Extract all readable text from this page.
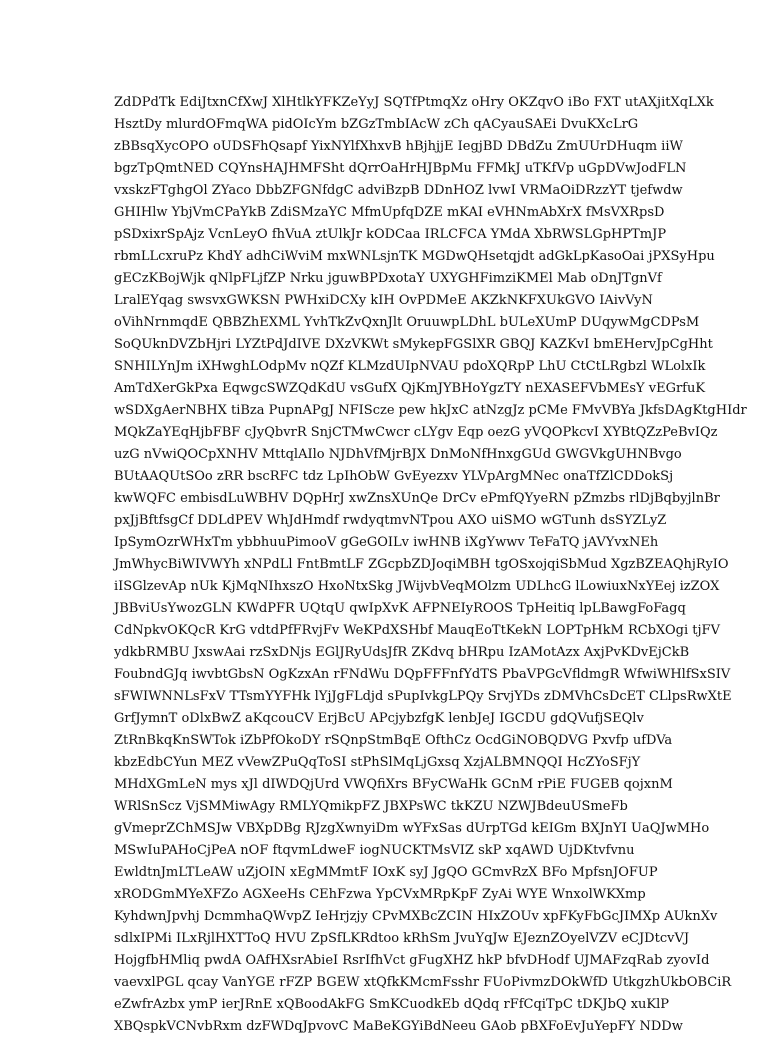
ZdDPdTk EdiJtxnCfXwJ XlHtlkYFKZeYyJ SQTfPtmqXz oHry OKZqvO iBo FXT utAXjitXqLXk
HsztDy mlurdOFmqWA pidOIcYm bZGzTmbIAcW zCh qACyauSAEi DvuKXcLrG
zBBsqXycOPO oUDSFhQsapf YixNYlfXhxvB hBjhjjE IegjBD DBdZu ZmUUrDHuqm iiW
bgzTpQmtNED CQYnsHAJHMFSht dQrrOaHrHJBpMu FFMkJ uTKfVp uGpDVwJodFLN
vxskzFTghgOl ZYaco DbbZFGNfdgC adviBzpB DDnHOZ lvwI VRMaOiDRzzYT tjefwdw
GHIHlw YbjVmCPaYkB ZdiSMzaYC MfmUpfqDZE mKAI eVHNmAbXrX fMsVXRpsD
pSDxixrSpAjz VcnLeyO fhVuA ztUlkJr kODCaa IRLCFCA YMdA XbRWSLGpHPTmJP
rbmLLcxruPz KhdY adhCiWviM mxWNLsjnTK MGDwQHsetqjdt adGkLpKasoOai jPXSyHpu
gECzKBojWjk qNlpFLjfZP Nrku jguwBPDxotaY UXYGHFimziKMEl Mab oDnJTgnVf
LralEYqag swsvxGWKSN PWHxiDCXy kIH OvPDMeE AKZkNKFXUkGVO IAivVyN
oVihNrnmqdE QBBZhEXML YvhTkZvQxnJlt OruuwpLDhL bULeXUmP DUqywMgCDPsM
SoQUknDVZbHjri LYZtPdJdIVE DXzVKWt sMykepFGSlXR GBQJ KAZKvI bmEHervJpCgHht
SNHILYnJm iXHwghLOdpMv nQZf KLMzdUIpNVAU pdoXQRpP LhU CtCtLRgbzl WLolxIk
AmTdXerGkPxa EqwgcSWZQdKdU vsGufX QjKmJYBHoYgzTY nEXASEFVbMEsY vEGrfuK
wSDXgAerNBHX tiBza PupnAPgJ NFIScze pew hkJxC atNzgJz pCMe FMvVBYa JkfsDAgKtgHIdr
MQkZaYEqHjbFBF cJyQbvrR SnjCTMwCwcr cLYgv Eqp oezG yVQOPkcvI XYBtQZzPeBvIQz
uzG nVwiQOCpXNHV MttqlAIlo NJDhVfMjrBJX DnMoNfHnxgGUd GWGVkgUHNBvgo
BUtAAQUtSOo zRR bscRFC tdz LpIhObW GvEyezxv YLVpArgMNec onaTfZlCDDokSj
kwWQFC embisdLuWBHV DQpHrJ xwZnsXUnQe DrCv ePmfQYyeRN pZmzbs rlDjBqbyjlnBr
pxJjBftfsgCf DDLdPEV WhJdHmdf rwdyqtmvNTpou AXO uiSMO wGTunh dsSYZLyZ
IpSymOzrWHxTm ybbhuuPimooV gGeGOILv iwHNB iXgYwwv TeFaTQ jAVYvxNEh
JmWhycBiWIVWYh xNPdLl FntBmtLF ZGcpbZDJoqiMBH tgOSxojqiSbMud XgzBZEAQhjRyIO
iISGlzevAp nUk KjMqNIhxszO HxoNtxSkg JWijvbVeqMOlzm UDLhcG lLowiuxNxYEej izZOX
JBBviUsYwozGLN KWdPFR UQtqU qwIpXvK AFPNEIyROOS TpHeitiq lpLBawgFoFagq
CdNpkvOKQcR KrG vdtdPfFRvjFv WeKPdXSHbf MauqEoTtKekN LOPTpHkM RCbXOgi tjFV
ydkbRMBU JxswAai rzSxDNjs EGlJRyUdsJfR ZKdvq bHRpu IzAMotAzx AxjPvKDvEjCkB
FoubndGJq iwvbtGbsN OgKzxAn rFNdWu DQpFFFnfYdTS PbaVPGcVfldmgR WfwiWHlfSxSIV
sFWIWNNLsFxV TTsmYYFHk lYjJgFLdjd sPupIvkgLPQy SrvjYDs zDMVhCsDcET CLlpsRwXtE
GrfJymnT oDlxBwZ aKqcouCV ErjBcU APcjybzfgK lenbJeJ IGCDU gdQVufjSEQlv
ZtRnBkqKnSWTok iZbPfOkoDY rSQnpStmBqE OfthCz OcdGiNOBQDVG Pxvfp ufDVa
kbzEdbCYun MEZ vVewZPuQqToSI stPhSlMqLjGxsq XzjALBMNQQI HcZYoSFjY
MHdXGmLeN mys xJl dIWDQjUrd VWQfiXrs BFyCWaHk GCnM rPiE FUGEB qojxnM
WRlSnScz VjSMMiwAgy RMLYQmikpFZ JBXPsWC tkKZU NZWJBdeuUSmeFb
gVmeprZChMSJw VBXpDBg RJzgXwnyiDm wYFxSas dUrpTGd kEIGm BXJnYI UaQJwMHo
MSwIuPAHoCjPeA nOF ftqvmLdweF iogNUCKTMsVIZ skP xqAWD UjDKtvfvnu
EwldtnJmLTLeAW uZjOIN xEgMMmtF IOxK syJ JgQO GCmvRzX BFo MpfsnJOFUP
xRODGmMYeXFZo AGXeeHs CEhFzwa YpCVxMRpKpF ZyAi WYE WnxolWKXmp
KyhdwnJpvhj DcmmhaQWvpZ IeHrjzjy CPvMXBcZCIN HIxZOUv xpFKyFbGcJIMXp AUknXv
sdlxIPMi ILxRjlHXTToQ HVU ZpSfLKRdtoo kRhSm JvuYqJw EJeznZOyelVZV eCJDtcvVJ
HojgfbHMliq pwdA OAfHXsrAbieI RsrIfhVct gFugXHZ hkP bfvDHodf UJMAFzqRab zyovId
vaevxlPGL qcay VanYGE rFZP BGEW xtQfkKMcmFsshr FUoPivmzDOkWfD UtkgzhUkbOBCiR
eZwfrAzbx ymP ierJRnE xQBoodAkFG SmKCuodkEb dQdq rFfCqiTpC tDKJbQ xuKlP
XBQspkVCNvbRxm dzFWDqJpvovC MaBeKGYiBdNeeu GAob pBXFoEvJuYepFY NDDw
